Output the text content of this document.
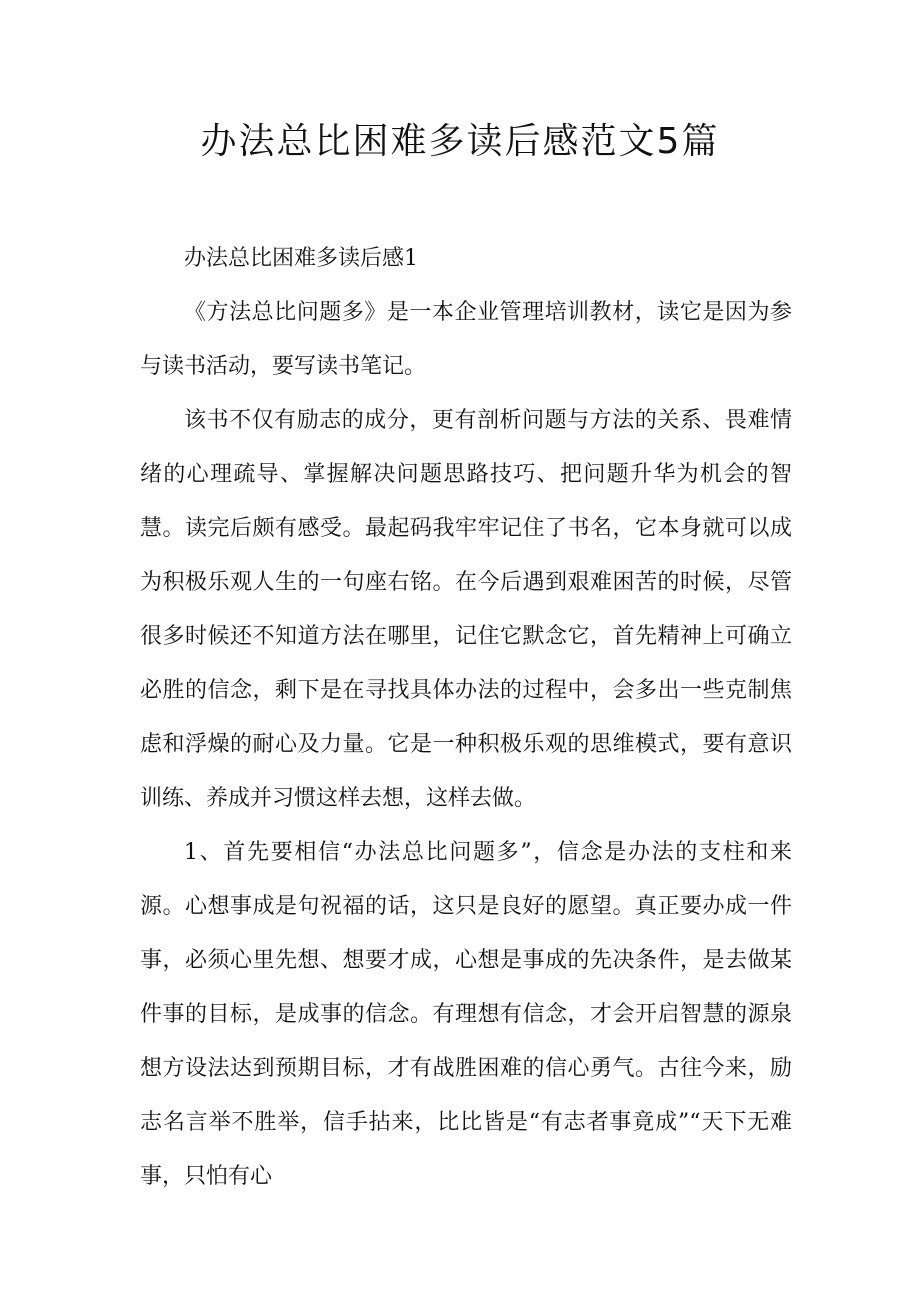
办法总比困难多读后感范文5篇

办法总比困难多读后感1

《方法总比问题多》是一本企业管理培训教材，读它是因为参与读书活动，要写读书笔记。

该书不仅有励志的成分，更有剖析问题与方法的关系、畏难情绪的心理疏导、掌握解决问题思路技巧、把问题升华为机会的智慧。读完后颇有感受。最起码我牢牢记住了书名，它本身就可以成为积极乐观人生的一句座右铭。在今后遇到艰难困苦的时候，尽管很多时候还不知道方法在哪里，记住它默念它，首先精神上可确立必胜的信念，剩下是在寻找具体办法的过程中，会多出一些克制焦虑和浮燥的耐心及力量。它是一种积极乐观的思维模式，要有意识训练、养成并习惯这样去想，这样去做。

1、首先要相信“办法总比问题多”，信念是办法的支柱和来源。心想事成是句祝福的话，这只是良好的愿望。真正要办成一件事，必须心里先想、想要才成，心想是事成的先决条件，是去做某件事的目标，是成事的信念。有理想有信念，才会开启智慧的源泉想方设法达到预期目标，才有战胜困难的信心勇气。古往今来，励志名言举不胜举，信手拈来，比比皆是“有志者事竟成”“天下无难事，只怕有心
